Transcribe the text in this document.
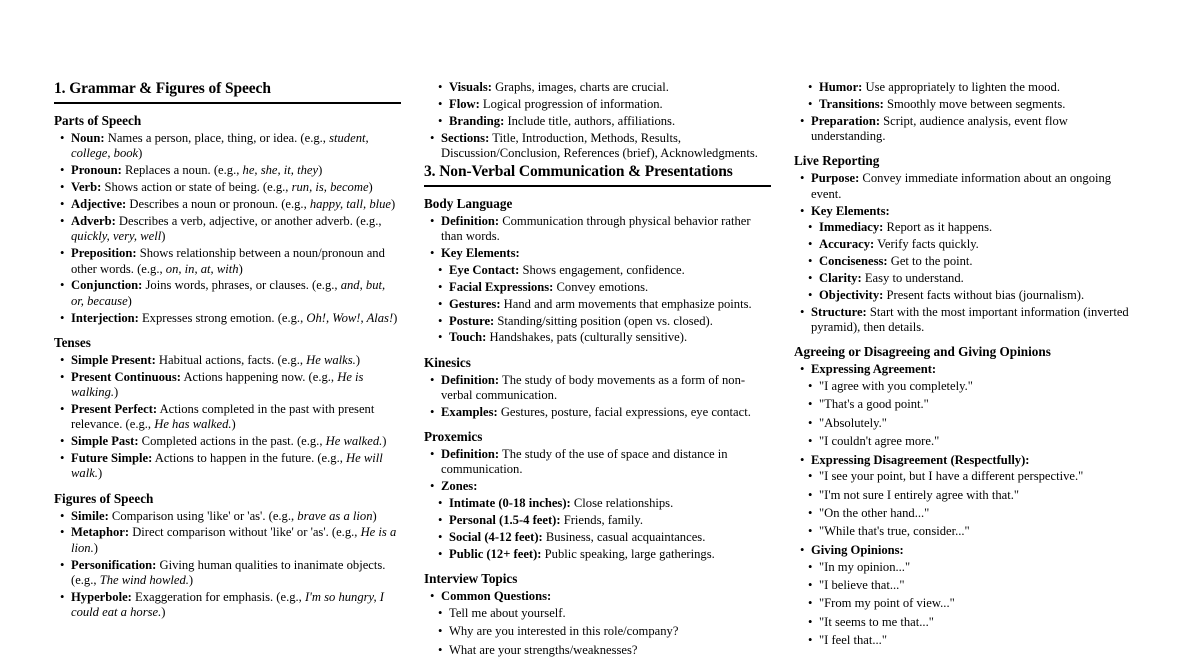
1. Grammar & Figures of Speech
Parts of Speech
• Noun: Names a person, place, thing, or idea. (e.g., student, college, book)
• Pronoun: Replaces a noun. (e.g., he, she, it, they)
• Verb: Shows action or state of being. (e.g., run, is, become)
• Adjective: Describes a noun or pronoun. (e.g., happy, tall, blue)
• Adverb: Describes a verb, adjective, or another adverb. (e.g., quickly, very, well)
• Preposition: Shows relationship between a noun/pronoun and other words. (e.g., on, in, at, with)
• Conjunction: Joins words, phrases, or clauses. (e.g., and, but, or, because)
• Interjection: Expresses strong emotion. (e.g., Oh!, Wow!, Alas!)
Tenses
• Simple Present: Habitual actions, facts. (e.g., He walks.)
• Present Continuous: Actions happening now. (e.g., He is walking.)
• Present Perfect: Actions completed in the past with present relevance. (e.g., He has walked.)
• Simple Past: Completed actions in the past. (e.g., He walked.)
• Future Simple: Actions to happen in the future. (e.g., He will walk.)
Figures of Speech
• Simile: Comparison using 'like' or 'as'. (e.g., brave as a lion)
• Metaphor: Direct comparison without 'like' or 'as'. (e.g., He is a lion.)
• Personification: Giving human qualities to inanimate objects. (e.g., The wind howled.)
• Hyperbole: Exaggeration for emphasis. (e.g., I'm so hungry, I could eat a horse.)
• Visuals: Graphs, images, charts are crucial.
• Flow: Logical progression of information.
• Branding: Include title, authors, affiliations.
• Sections: Title, Introduction, Methods, Results, Discussion/Conclusion, References (brief), Acknowledgments.
3. Non-Verbal Communication & Presentations
Body Language
• Definition: Communication through physical behavior rather than words.
• Key Elements:
• Eye Contact: Shows engagement, confidence.
• Facial Expressions: Convey emotions.
• Gestures: Hand and arm movements that emphasize points.
• Posture: Standing/sitting position (open vs. closed).
• Touch: Handshakes, pats (culturally sensitive).
Kinesics
• Definition: The study of body movements as a form of non-verbal communication.
• Examples: Gestures, posture, facial expressions, eye contact.
Proxemics
• Definition: The study of the use of space and distance in communication.
• Zones:
• Intimate (0-18 inches): Close relationships.
• Personal (1.5-4 feet): Friends, family.
• Social (4-12 feet): Business, casual acquaintances.
• Public (12+ feet): Public speaking, large gatherings.
Interview Topics
• Common Questions:
• Tell me about yourself.
• Why are you interested in this role/company?
• What are your strengths/weaknesses?
• Humor: Use appropriately to lighten the mood.
• Transitions: Smoothly move between segments.
• Preparation: Script, audience analysis, event flow understanding.
Live Reporting
• Purpose: Convey immediate information about an ongoing event.
• Key Elements:
• Immediacy: Report as it happens.
• Accuracy: Verify facts quickly.
• Conciseness: Get to the point.
• Clarity: Easy to understand.
• Objectivity: Present facts without bias (journalism).
• Structure: Start with the most important information (inverted pyramid), then details.
Agreeing or Disagreeing and Giving Opinions
• Expressing Agreement:
• "I agree with you completely."
• "That's a good point."
• "Absolutely."
• "I couldn't agree more."
• Expressing Disagreement (Respectfully):
• "I see your point, but I have a different perspective."
• "I'm not sure I entirely agree with that."
• "On the other hand..."
• "While that's true, consider..."
• Giving Opinions:
• "In my opinion..."
• "I believe that..."
• "From my point of view..."
• "It seems to me that..."
• "I feel that..."
